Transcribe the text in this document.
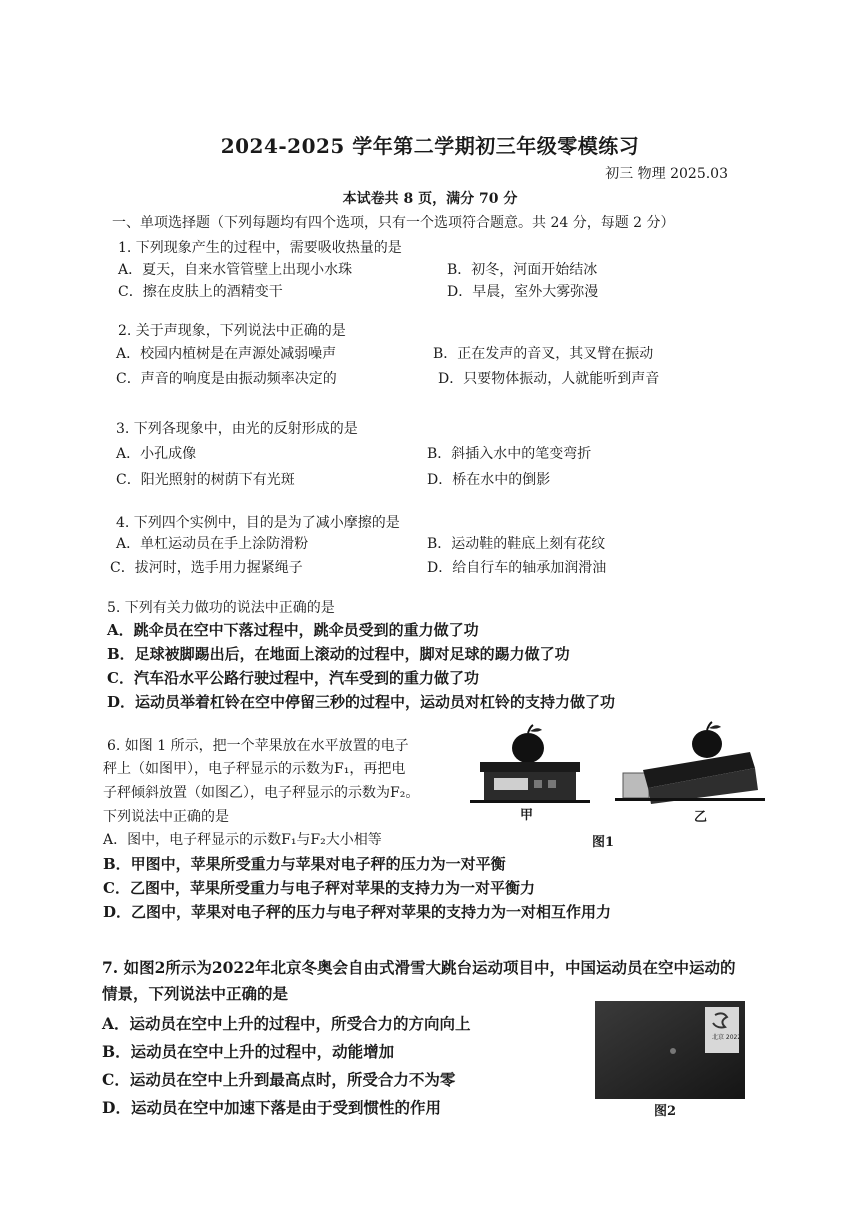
2024-2025 学年第二学期初三年级零模练习
初三 物理 2025.03
本试卷共 8 页，满分 70 分
一、单项选择题（下列每题均有四个选项，只有一个选项符合题意。共 24 分，每题 2 分）
1. 下列现象产生的过程中，需要吸收热量的是
A．夏天，自来水管管壁上出现小水珠	B．初冬，河面开始结冰
C．擦在皮肤上的酒精变干	D．早晨，室外大雾弥漫
2. 关于声现象，下列说法中正确的是
A．校园内植树是在声源处减弱噪声	B．正在发声的音叉，其叉臂在振动
C．声音的响度是由振动频率决定的	D．只要物体振动，人就能听到声音
3. 下列各现象中，由光的反射形成的是
A．小孔成像	B．斜插入水中的笔变弯折
C．阳光照射的树荫下有光斑	D．桥在水中的倒影
4. 下列四个实例中，目的是为了减小摩擦的是
A．单杠运动员在手上涂防滑粉	B．运动鞋的鞋底上刻有花纹
C．拔河时，选手用力握紧绳子	D．给自行车的轴承加润滑油
5. 下列有关力做功的说法中正确的是
A．跳伞员在空中下落过程中，跳伞员受到的重力做了功
B．足球被脚踢出后，在地面上滚动的过程中，脚对足球的踢力做了功
C．汽车沿水平公路行驶过程中，汽车受到的重力做了功
D．运动员举着杠铃在空中停留三秒的过程中，运动员对杠铃的支持力做了功
6. 如图 1 所示，把一个苹果放在水平放置的电子
秤上（如图甲），电子秤显示的示数为F₁，再把电
子秤倾斜放置（如图乙），电子秤显示的示数为F₂。
下列说法中正确的是
A．图中，电子秤显示的示数F₁与F₂大小相等	图1
B．甲图中，苹果所受重力与苹果对电子秤的压力为一对平衡
C．乙图中，苹果所受重力与电子秤对苹果的支持力为一对平衡力
D．乙图中，苹果对电子秤的压力与电子秤对苹果的支持力为一对相互作用力
甲	乙
7. 如图2所示为2022年北京冬奥会自由式滑雪大跳台运动项目中，中国运动员在空中运动的
情景，下列说法中正确的是
A．运动员在空中上升的过程中，所受合力的方向向上
B．运动员在空中上升的过程中，动能增加
C．运动员在空中上升到最高点时，所受合力不为零
D．运动员在空中加速下落是由于受到惯性的作用
北京 2022
图2
